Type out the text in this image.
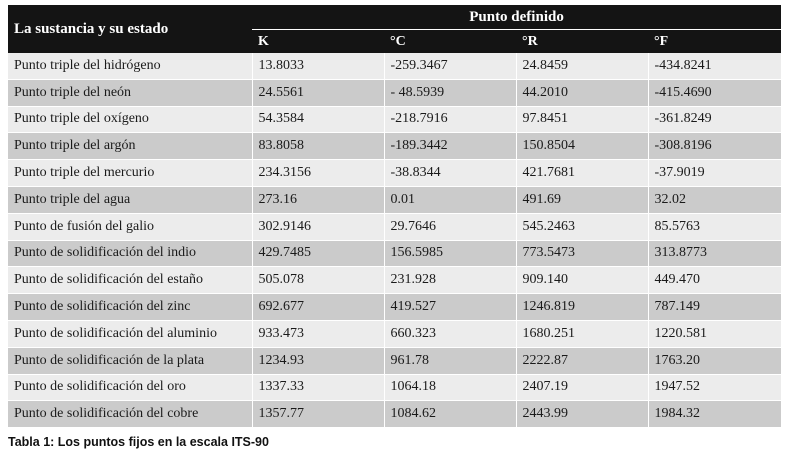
La sustancia y su estado	Punto definido			
	K	°C	°R	°F
Punto triple del hidrógeno	13.8033	-259.3467	24.8459	-434.8241
Punto triple del neón	24.5561	- 48.5939	44.2010	-415.4690
Punto triple del oxígeno	54.3584	-218.7916	97.8451	-361.8249
Punto triple del argón	83.8058	-189.3442	150.8504	-308.8196
Punto triple del mercurio	234.3156	-38.8344	421.7681	-37.9019
Punto triple del agua	273.16	0.01	491.69	32.02
Punto de fusión del galio	302.9146	29.7646	545.2463	85.5763
Punto de solidificación del indio	429.7485	156.5985	773.5473	313.8773
Punto de solidificación del estaño	505.078	231.928	909.140	449.470
Punto de solidificación del zinc	692.677	419.527	1246.819	787.149
Punto de solidificación del aluminio	933.473	660.323	1680.251	1220.581
Punto de solidificación de la plata	1234.93	961.78	2222.87	1763.20
Punto de solidificación del oro	1337.33	1064.18	2407.19	1947.52
Punto de solidificación del cobre	1357.77	1084.62	2443.99	1984.32
Tabla 1: Los puntos fijos en la escala ITS-90
